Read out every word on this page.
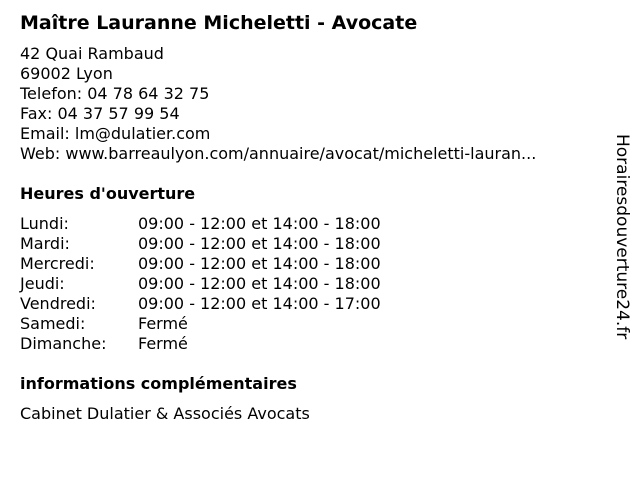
Maître Lauranne Micheletti - Avocate
42 Quai Rambaud
69002 Lyon
Telefon: 04 78 64 32 75
Fax: 04 37 57 99 54
Email: lm@dulatier.com
Web: www.barreaulyon.com/annuaire/avocat/micheletti-lauran...
Heures d'ouverture
Lundi:	09:00 - 12:00 et 14:00 - 18:00
Mardi:	09:00 - 12:00 et 14:00 - 18:00
Mercredi:	09:00 - 12:00 et 14:00 - 18:00
Jeudi:	09:00 - 12:00 et 14:00 - 18:00
Vendredi:	09:00 - 12:00 et 14:00 - 17:00
Samedi:	Fermé
Dimanche:	Fermé
informations complémentaires
Cabinet Dulatier & Associés Avocats
Horairesdouverture24.fr
